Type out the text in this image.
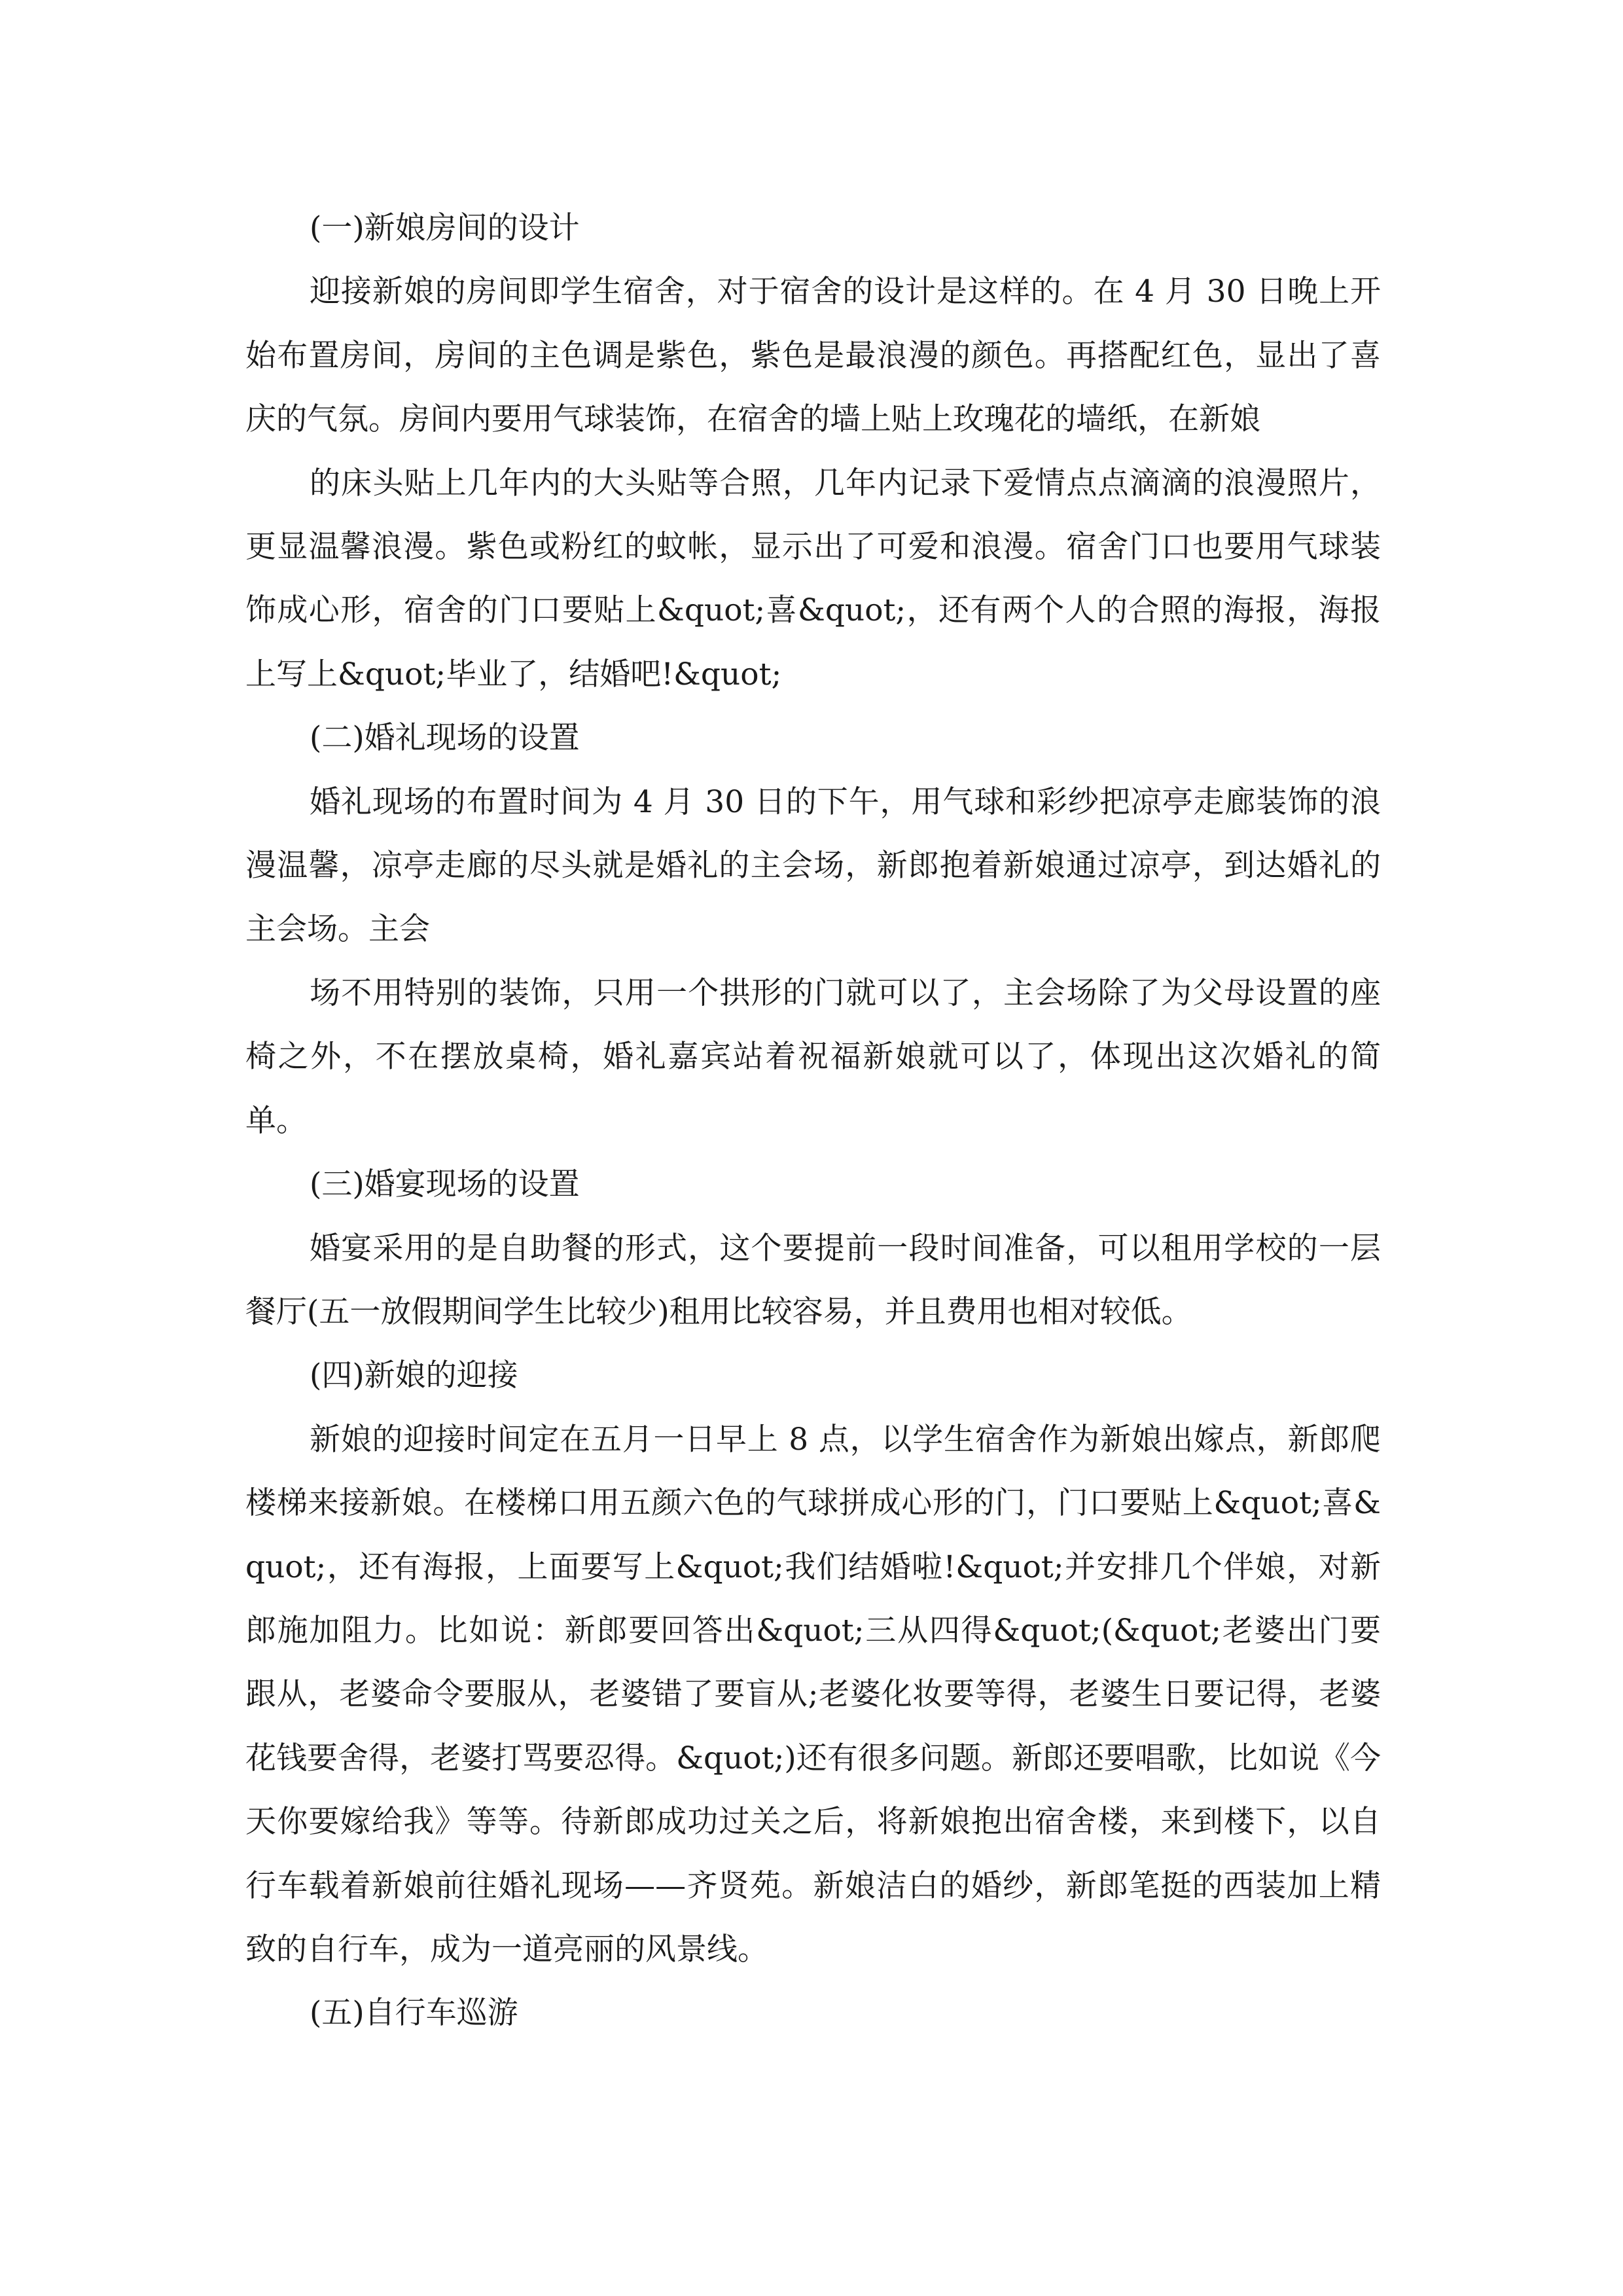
(一)新娘房间的设计

迎接新娘的房间即学生宿舍，对于宿舍的设计是这样的。在 4 月 30 日晚上开始布置房间，房间的主色调是紫色，紫色是最浪漫的颜色。再搭配红色，显出了喜庆的气氛。房间内要用气球装饰，在宿舍的墙上贴上玫瑰花的墙纸，在新娘

的床头贴上几年内的大头贴等合照，几年内记录下爱情点点滴滴的浪漫照片，更显温馨浪漫。紫色或粉红的蚊帐，显示出了可爱和浪漫。宿舍门口也要用气球装饰成心形，宿舍的门口要贴上&quot;喜&quot;，还有两个人的合照的海报，海报上写上&quot;毕业了，结婚吧!&quot;

(二)婚礼现场的设置

婚礼现场的布置时间为 4 月 30 日的下午，用气球和彩纱把凉亭走廊装饰的浪漫温馨，凉亭走廊的尽头就是婚礼的主会场，新郎抱着新娘通过凉亭，到达婚礼的主会场。主会

场不用特别的装饰，只用一个拱形的门就可以了，主会场除了为父母设置的座椅之外，不在摆放桌椅，婚礼嘉宾站着祝福新娘就可以了，体现出这次婚礼的简单。

(三)婚宴现场的设置

婚宴采用的是自助餐的形式，这个要提前一段时间准备，可以租用学校的一层餐厅(五一放假期间学生比较少)租用比较容易，并且费用也相对较低。

(四)新娘的迎接

新娘的迎接时间定在五月一日早上 8 点，以学生宿舍作为新娘出嫁点，新郎爬楼梯来接新娘。在楼梯口用五颜六色的气球拼成心形的门，门口要贴上&quot;喜&quot;，还有海报，上面要写上&quot;我们结婚啦!&quot;并安排几个伴娘，对新郎施加阻力。比如说：新郎要回答出&quot;三从四得&quot;(&quot;老婆出门要跟从，老婆命令要服从，老婆错了要盲从;老婆化妆要等得，老婆生日要记得，老婆花钱要舍得，老婆打骂要忍得。&quot;)还有很多问题。新郎还要唱歌，比如说《今天你要嫁给我》等等。待新郎成功过关之后，将新娘抱出宿舍楼，来到楼下，以自行车载着新娘前往婚礼现场——齐贤苑。新娘洁白的婚纱，新郎笔挺的西装加上精致的自行车，成为一道亮丽的风景线。

(五)自行车巡游
